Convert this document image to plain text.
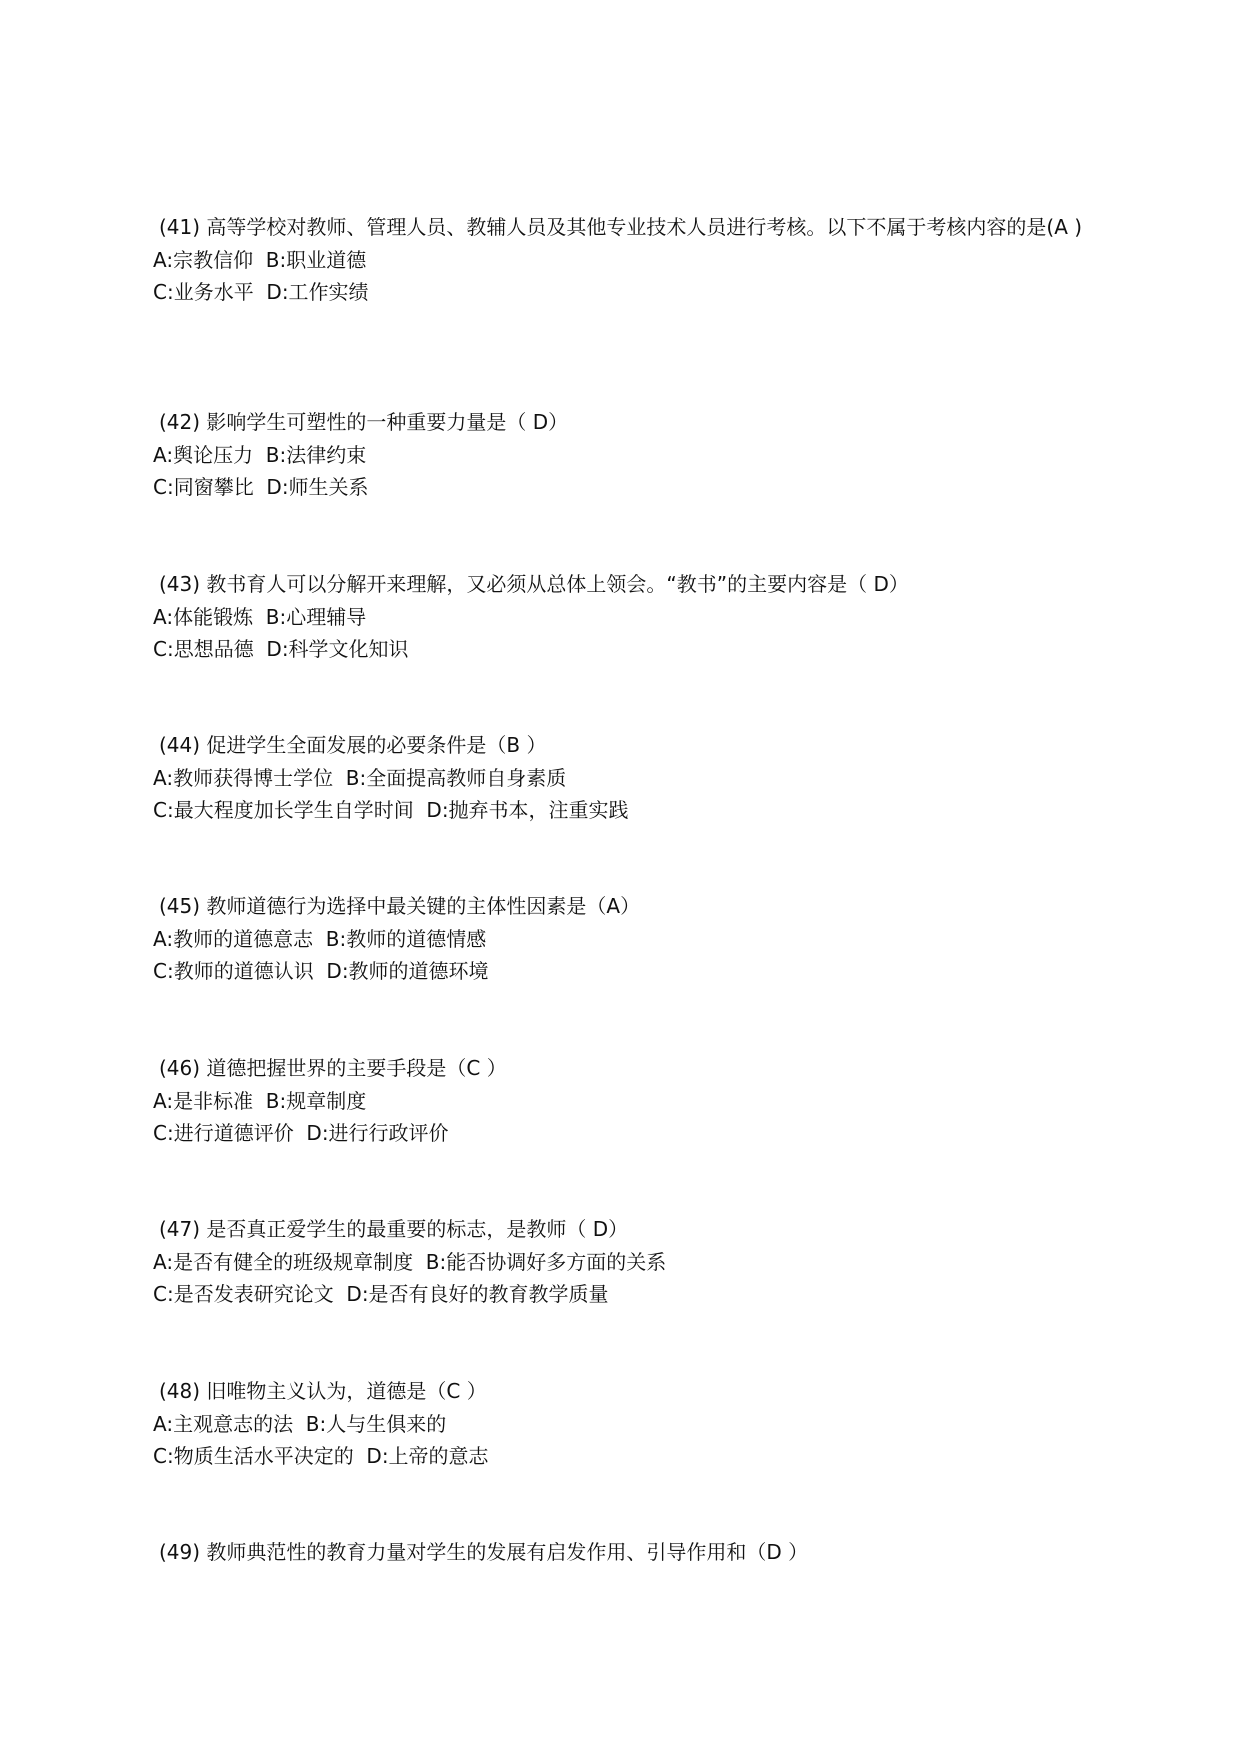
(41) 高等学校对教师、管理人员、教辅人员及其他专业技术人员进行考核。以下不属于考核内容的是(A )
A:宗教信仰  B:职业道德
C:业务水平  D:工作实绩
(42) 影响学生可塑性的一种重要力量是（ D）
A:舆论压力  B:法律约束
C:同窗攀比  D:师生关系
(43) 教书育人可以分解开来理解，又必须从总体上领会。“教书”的主要内容是（ D）
A:体能锻炼  B:心理辅导
C:思想品德  D:科学文化知识
(44) 促进学生全面发展的必要条件是（B ）
A:教师获得博士学位  B:全面提高教师自身素质
C:最大程度加长学生自学时间  D:抛弃书本，注重实践
(45) 教师道德行为选择中最关键的主体性因素是（A）
A:教师的道德意志  B:教师的道德情感
C:教师的道德认识  D:教师的道德环境
(46) 道德把握世界的主要手段是（C ）
A:是非标准  B:规章制度
C:进行道德评价  D:进行行政评价
(47) 是否真正爱学生的最重要的标志，是教师（ D）
A:是否有健全的班级规章制度  B:能否协调好多方面的关系
C:是否发表研究论文  D:是否有良好的教育教学质量
(48) 旧唯物主义认为，道德是（C ）
A:主观意志的法  B:人与生俱来的
C:物质生活水平决定的  D:上帝的意志
(49) 教师典范性的教育力量对学生的发展有启发作用、引导作用和（D ）
